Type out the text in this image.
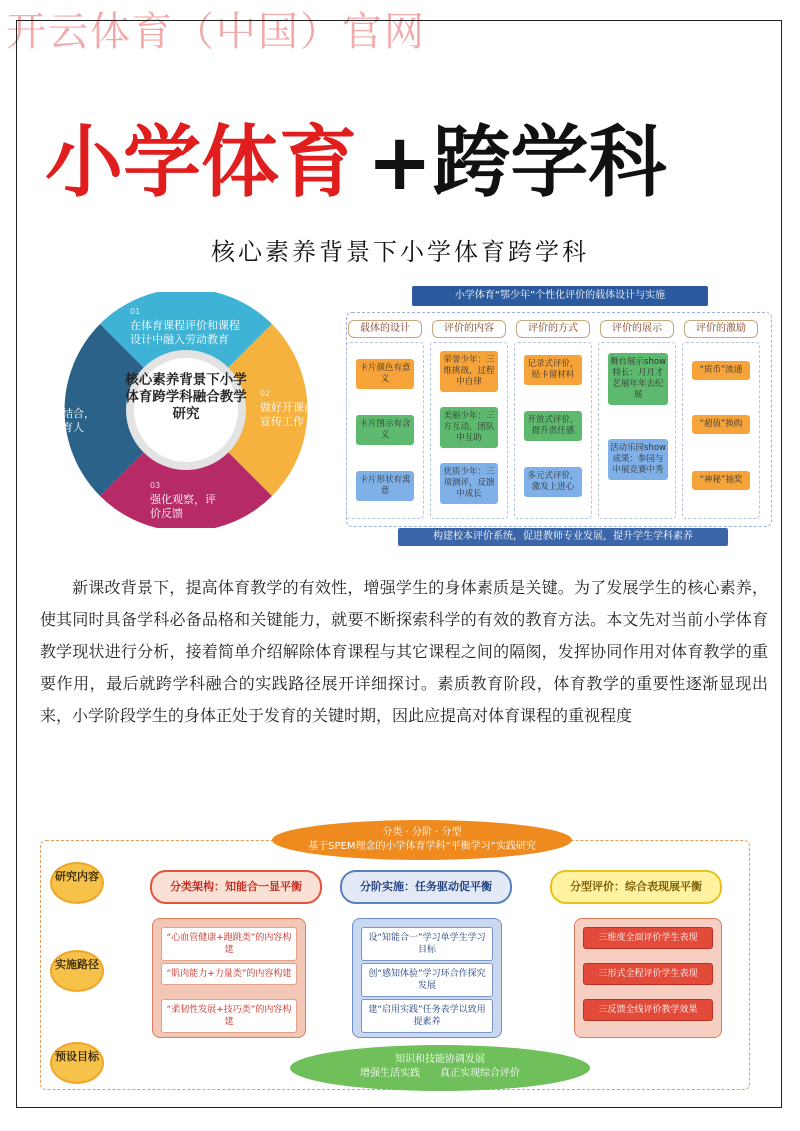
开云体育（中国）官网
小学体育 +跨学科
核心素养背景下小学体育跨学科
核心素养背景下小学体育跨学科融合教学研究
01
在体育课程评价和课程设计中融入劳动教育
02
做好开课前宣传工作
03
强化观察，评价反馈
04
家校结合，协同育人
小学体育“鄂少年”个性化评价的载体设计与实施
载体的设计	评价的内容	评价的方式	评价的展示	评价的激励
卡片颜色有意义
卡片图示有含义
卡片形状有寓意
荣誉少年：三维挑战，过程中自律
美丽少年：三方互动，团队中互助
优质少年：三项测评，反馈中成长
记录式评价，贴卡留材料
开放式评价，提升责任感
多元式评价，激发上进心
舞台展示show特长：月月才艺展年年去纪展
活动乐园show成果：参园与中展竞赛中秀
“质币”流通
“超值”换购
“神秘”抽奖
构建校本评价系统，促进教师专业发展，提升学生学科素养
新课改背景下，提高体育教学的有效性，增强学生的身体素质是关键。为了发展学生的核心素养，使其同时具备学科必备品格和关键能力，就要不断探索科学的有效的教育方法。本文先对当前小学体育教学现状进行分析，接着简单介绍解除体育课程与其它课程之间的隔阂，发挥协同作用对体育教学的重要作用，最后就跨学科融合的实践路径展开详细探讨。素质教育阶段，体育教学的重要性逐渐显现出来，小学阶段学生的身体正处于发育的关键时期，因此应提高对体育课程的重视程度
分类 · 分阶 · 分型
基于SPEM理念的小学体育学科“平衡学习”实践研究
研究内容
实施路径
预设目标
分类架构：知能合一显平衡	分阶实施：任务驱动促平衡	分型评价：综合表现展平衡
“心血管健康+跑跳类”的内容构建
“肌肉能力+力量类”的内容构建
“柔韧性发展+技巧类”的内容构建
设“知能合一”学习单学生学习目标
创“感知体验”学习环合作探究发展
建“启用实践”任务表学以致用提素养
三维度全面评价学生表现
三形式全程评价学生表现
三反馈全线评价教学效果
知识和技能协调发展
增强生活实践　　真正实现综合评价
